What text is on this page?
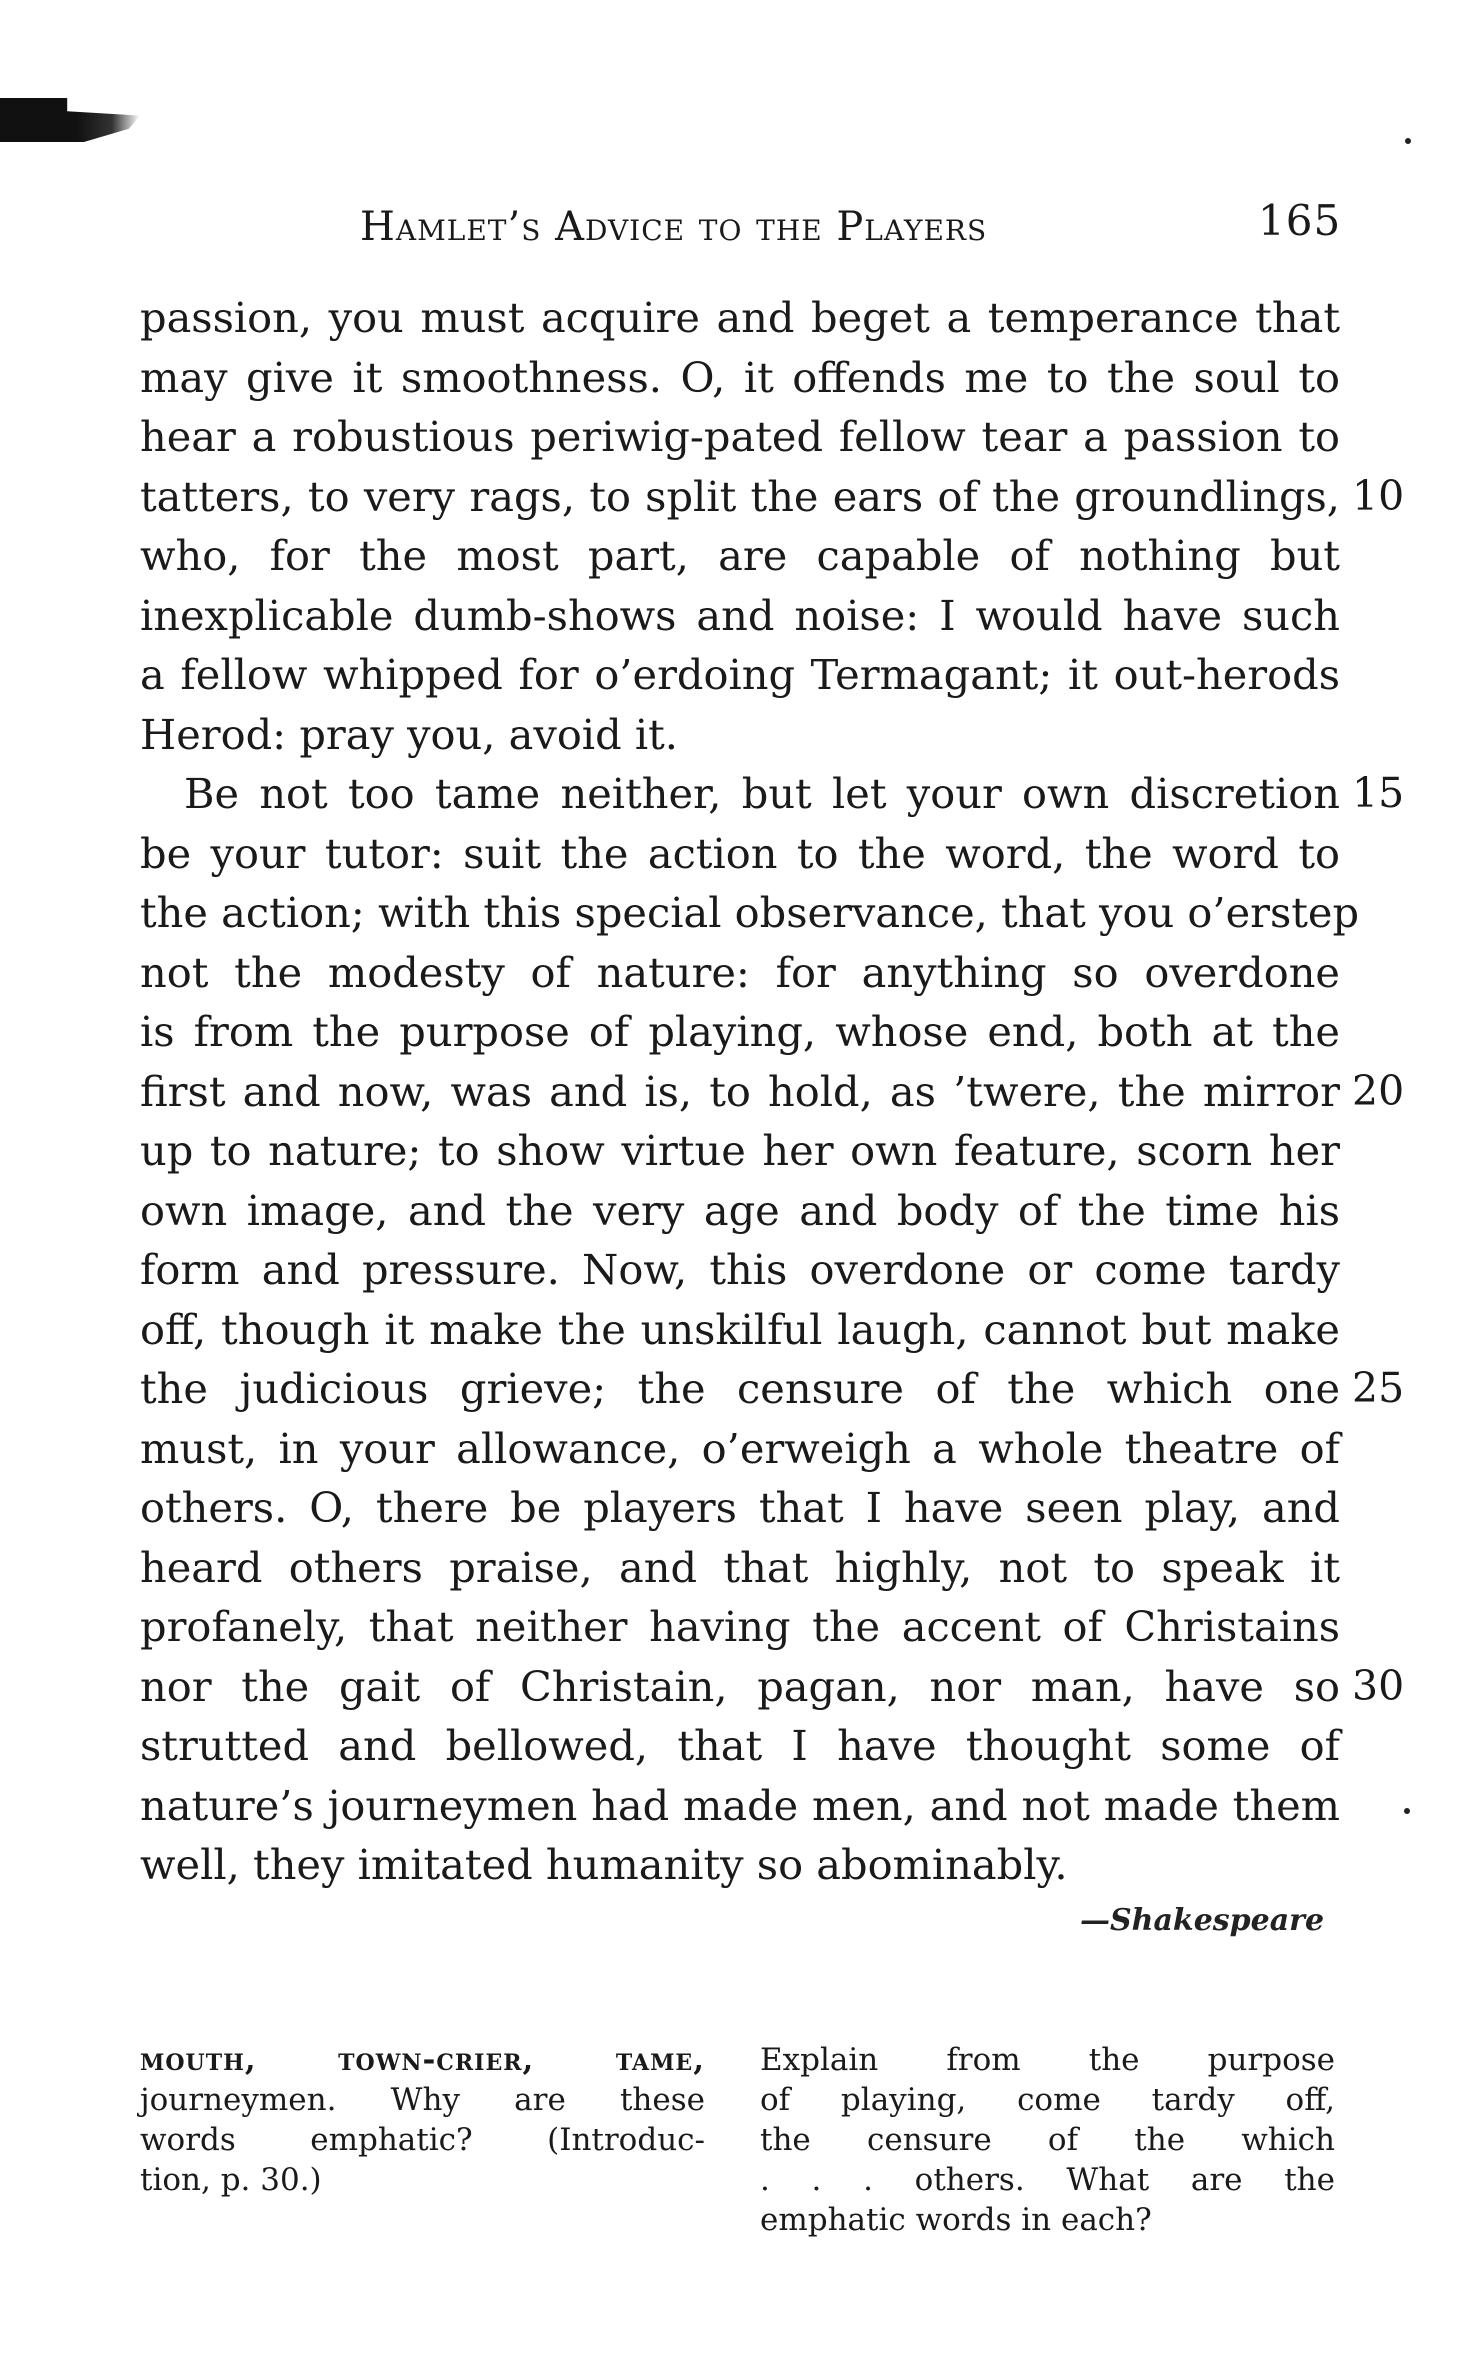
Hamlet’s Advice to the Players	165
passion, you must acquire and beget a temperance that
may give it smoothness. O, it offends me to the soul to
hear a robustious periwig-pated fellow tear a passion to
tatters, to very rags, to split the ears of the groundlings, 10
who, for the most part, are capable of nothing but
inexplicable dumb-shows and noise: I would have such
a fellow whipped for o’erdoing Termagant; it out-herods
Herod: pray you, avoid it.
Be not too tame neither, but let your own discretion 15
be your tutor: suit the action to the word, the word to
the action; with this special observance, that you o’erstep
not the modesty of nature: for anything so overdone
is from the purpose of playing, whose end, both at the
first and now, was and is, to hold, as ’twere, the mirror 20
up to nature; to show virtue her own feature, scorn her
own image, and the very age and body of the time his
form and pressure. Now, this overdone or come tardy
off, though it make the unskilful laugh, cannot but make
the judicious grieve; the censure of the which one 25
must, in your allowance, o’erweigh a whole theatre of
others. O, there be players that I have seen play, and
heard others praise, and that highly, not to speak it
profanely, that neither having the accent of Christains
nor the gait of Christain, pagan, nor man, have so 30
strutted and bellowed, that I have thought some of
nature’s journeymen had made men, and not made them
well, they imitated humanity so abominably.
—Shakespeare
mouth, town-crier, tame,
journeymen. Why are these
words emphatic? (Introduc-
tion, p. 30.)
Explain from the purpose
of playing, come tardy off,
the censure of the which
. . . others. What are the
emphatic words in each?
